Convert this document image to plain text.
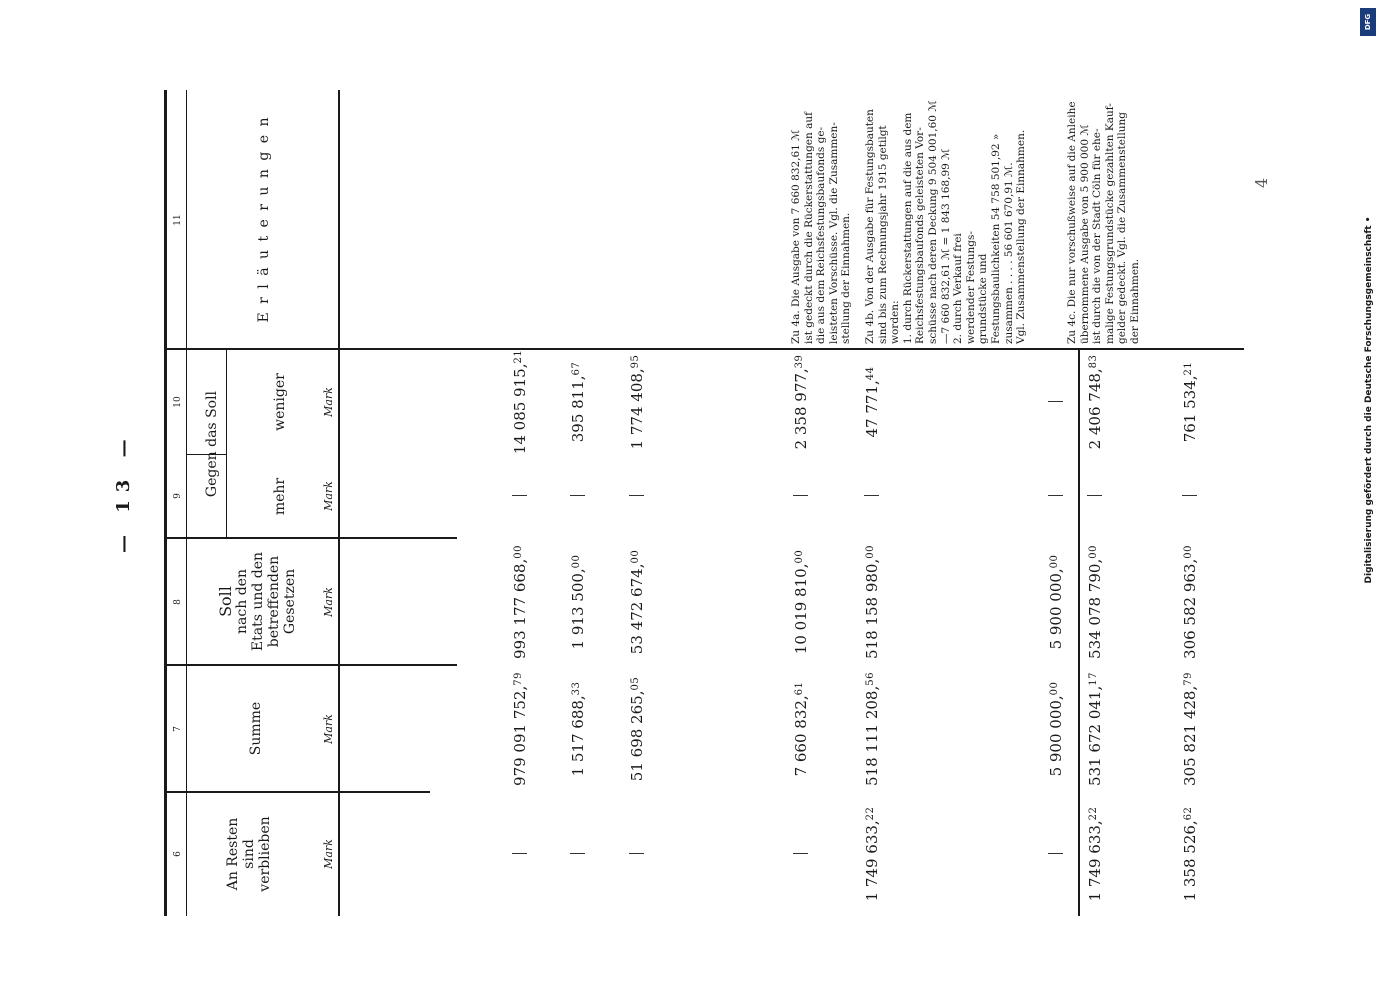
— 13 —
6
7
8
9
10
11
An Resten sind verblieben
Summe
Soll nach den Etats und den betreffenden Gesetzen
Gegen das Soll	mehr
weniger
E r l ä u t e r u n g e n
Mark
Mark
Mark
Mark
Mark
979 091 752,79
993 177 668,00
14 085 915,21
1 517 688,33
1 913 500,00
395 811,67
51 698 265,05
53 472 674,00
1 774 408,95
7 660 832,61
10 019 810,00
2 358 977,39
1 749 633,22
518 111 208,56
518 158 980,00
47 771,44
5 900 000,00
5 900 000,00
1 749 633,22
531 672 041,17
534 078 790,00
2 406 748,83
1 358 526,62
305 821 428,79
306 582 963,00
761 534,21

Zu 4a. Die Ausgabe von 7 660 832,61 ℳ ist gedeckt durch die Rückerstattungen auf die aus dem Reichsfestungsbaufonds ge- leisteten Vorschüsse. Vgl. die Zusammen- stellung der Einnahmen. Zu 4b. Von der Ausgabe für Festungsbauten sind bis zum Rechnungsjahr 1915 getilgt worden: 1. durch Rückerstattungen auf die aus dem Reichsfestungsbaufonds geleisteten Vor- schüsse nach deren Deckung 9 504 001,60 ℳ —7 660 832,61 ℳ = 1 843 168,99 ℳ 2. durch Verkauf frei werdender Festungs- grundstücke und Festungsbaulichkeiten 54 758 501,92 » zusammen . . . . 56 601 670,91 ℳ. Vgl. Zusammenstellung der Einnahmen.	Zu 4c. Die nur vorschußweise auf die Anleihe übernommene Ausgabe von 5 900 000 ℳ ist durch die von der Stadt Cöln für ehe- malige Festungsgrundstücke gezahlten Kauf- gelder gedeckt. Vgl. die Zusammenstellung der Einnahmen.

4
DFG
Digitalisierung gefördert durch die Deutsche Forschungsgemeinschaft •
